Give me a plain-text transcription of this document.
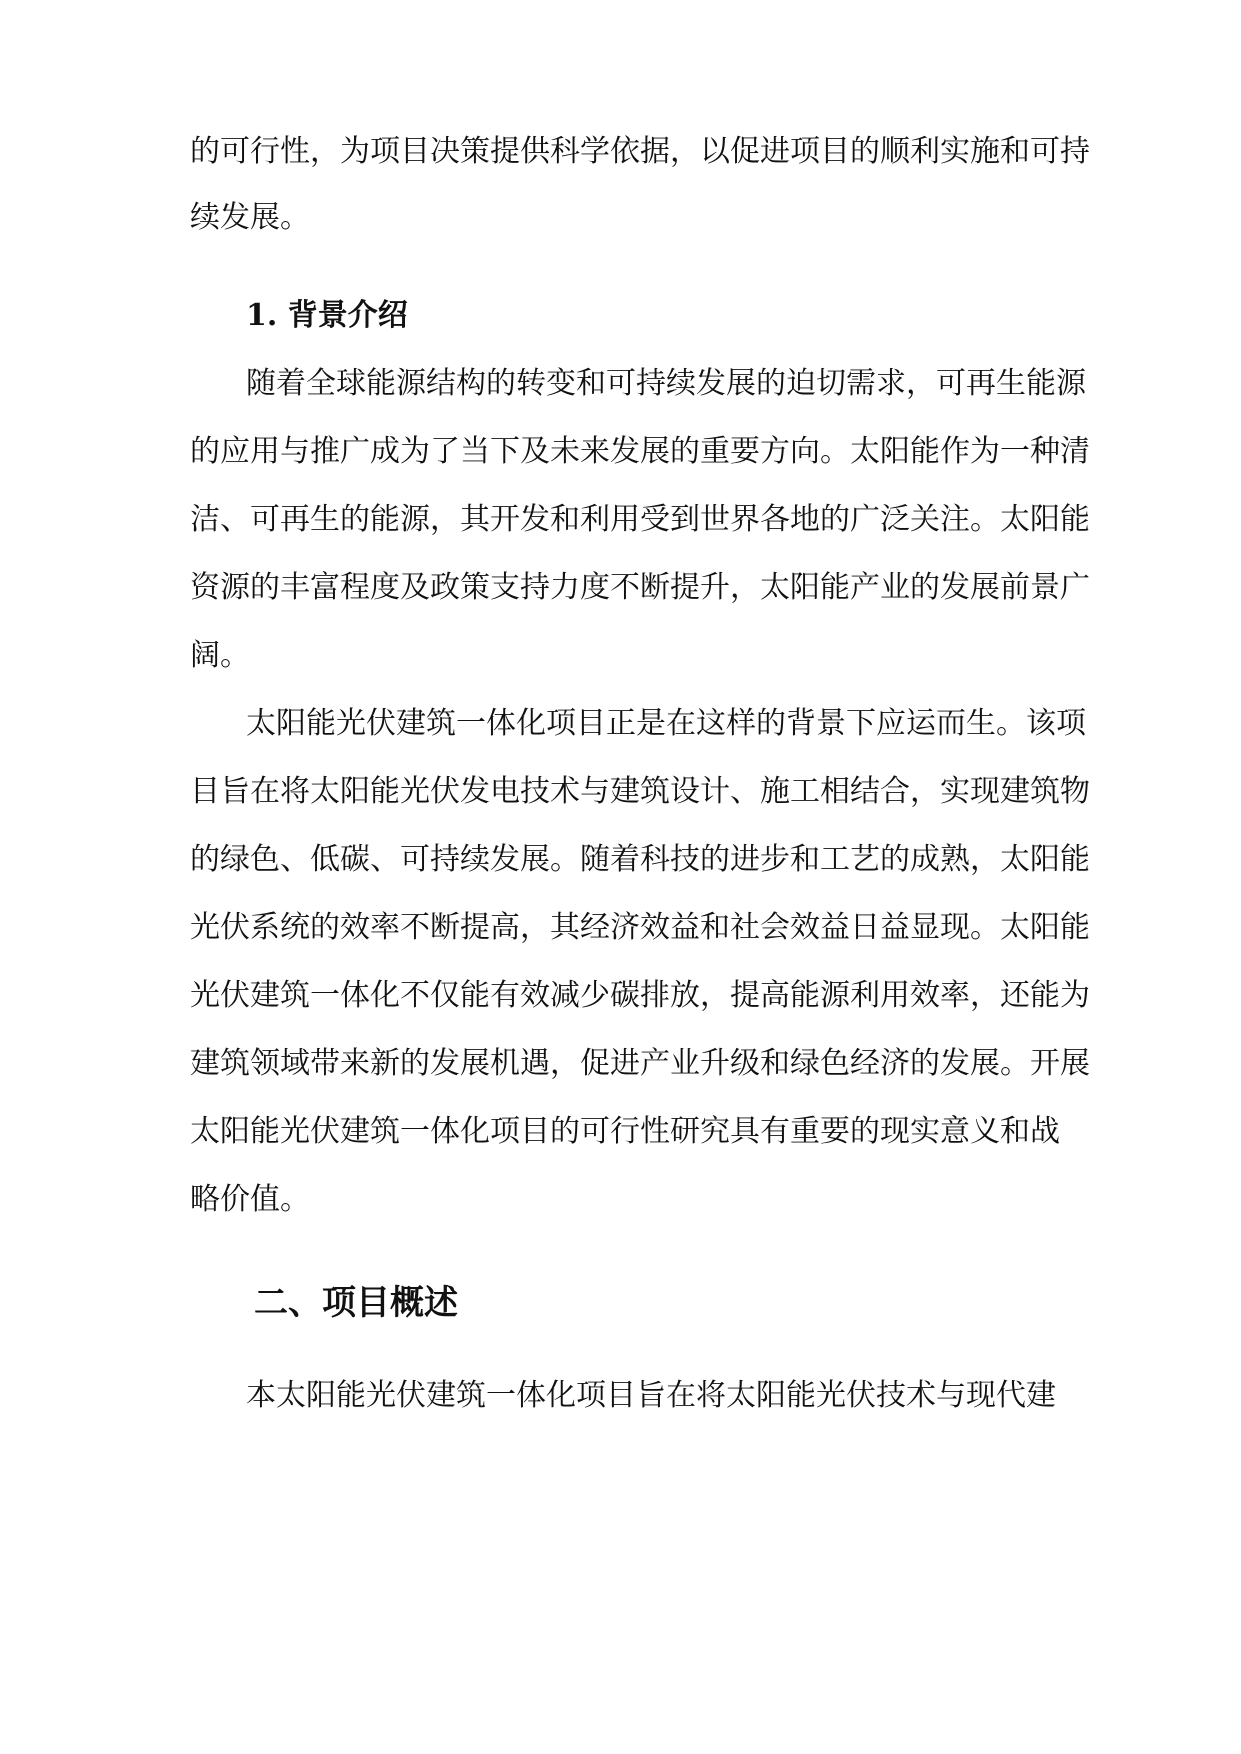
的可行性，为项目决策提供科学依据，以促进项目的顺利实施和可持
续发展。
1. 背景介绍
随着全球能源结构的转变和可持续发展的迫切需求，可再生能源
的应用与推广成为了当下及未来发展的重要方向。太阳能作为一种清
洁、可再生的能源，其开发和利用受到世界各地的广泛关注。太阳能
资源的丰富程度及政策支持力度不断提升，太阳能产业的发展前景广
阔。
太阳能光伏建筑一体化项目正是在这样的背景下应运而生。该项
目旨在将太阳能光伏发电技术与建筑设计、施工相结合，实现建筑物
的绿色、低碳、可持续发展。随着科技的进步和工艺的成熟，太阳能
光伏系统的效率不断提高，其经济效益和社会效益日益显现。太阳能
光伏建筑一体化不仅能有效减少碳排放，提高能源利用效率，还能为
建筑领域带来新的发展机遇，促进产业升级和绿色经济的发展。开展
太阳能光伏建筑一体化项目的可行性研究具有重要的现实意义和战
略价值。
二、项目概述
本太阳能光伏建筑一体化项目旨在将太阳能光伏技术与现代建
